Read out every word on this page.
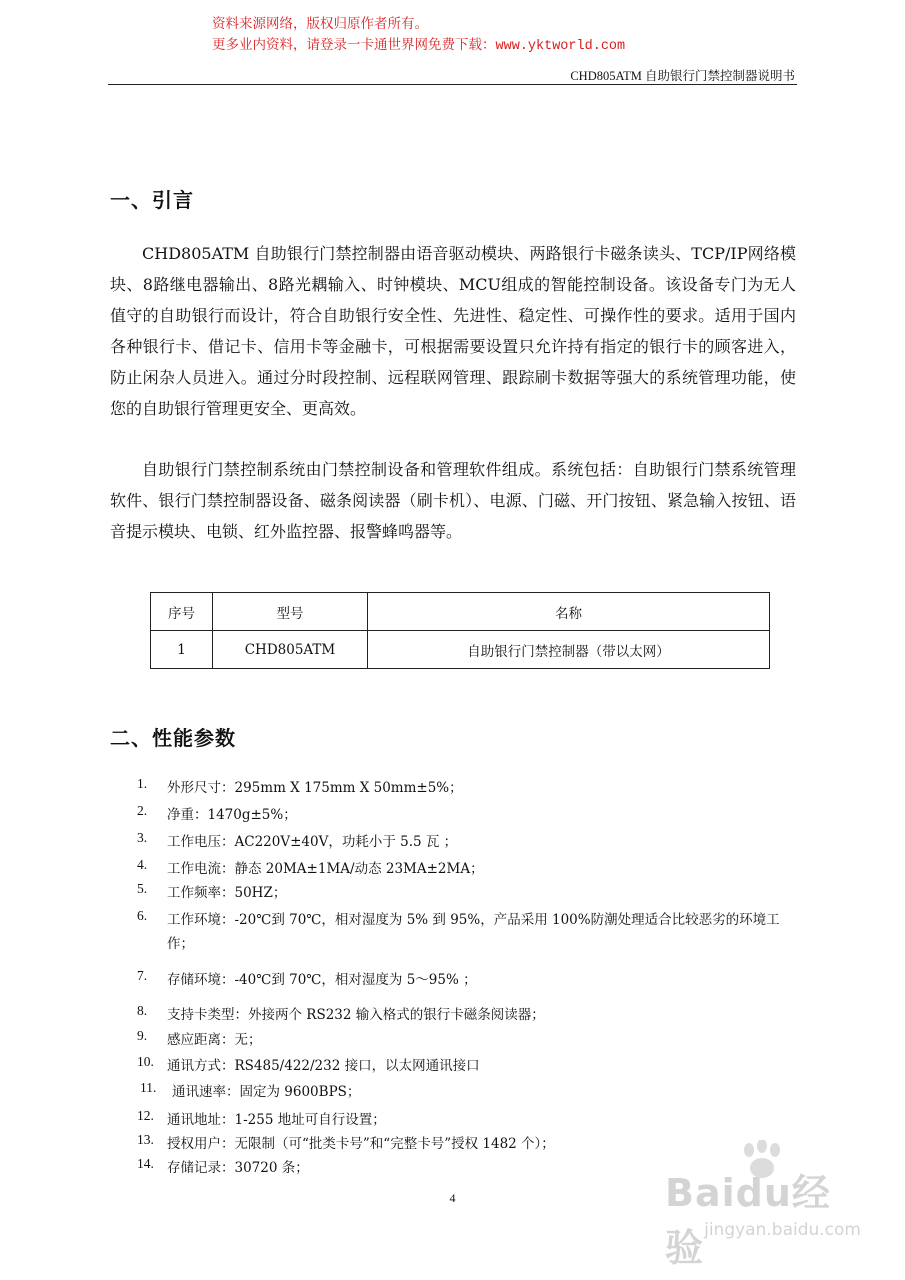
资料来源网络，版权归原作者所有。
更多业内资料，请登录一卡通世界网免费下载：www.yktworld.com
CHD805ATM 自助银行门禁控制器说明书
一、引言
CHD805ATM 自助银行门禁控制器由语音驱动模块、两路银行卡磁条读头、TCP/IP网络模块、8路继电器输出、8路光耦输入、时钟模块、MCU组成的智能控制设备。该设备专门为无人值守的自助银行而设计，符合自助银行安全性、先进性、稳定性、可操作性的要求。适用于国内各种银行卡、借记卡、信用卡等金融卡，可根据需要设置只允许持有指定的银行卡的顾客进入，防止闲杂人员进入。通过分时段控制、远程联网管理、跟踪刷卡数据等强大的系统管理功能，使您的自助银行管理更安全、更高效。
自助银行门禁控制系统由门禁控制设备和管理软件组成。系统包括：自助银行门禁系统管理软件、银行门禁控制器设备、磁条阅读器（刷卡机）、电源、门磁、开门按钮、紧急输入按钮、语音提示模块、电锁、红外监控器、报警蜂鸣器等。
序号	型号	名称
1	CHD805ATM	自助银行门禁控制器（带以太网）
二、性能参数
1.	外形尺寸：295mm X 175mm X 50mm±5%；
2.	净重：1470g±5%；
3.	工作电压：AC220V±40V，功耗小于 5.5 瓦 ；
4.	工作电流：静态 20MA±1MA/动态 23MA±2MA；
5.	工作频率：50HZ；
6.	工作环境：-20℃到 70℃，相对湿度为 5% 到 95%，产品采用 100%防潮处理适合比较恶劣的环境工作；
7.	存储环境：-40℃到 70℃，相对湿度为 5～95% ；
8.	支持卡类型：外接两个 RS232 输入格式的银行卡磁条阅读器；
9.	感应距离：无；
10. 通讯方式：RS485/422/232 接口，以太网通讯接口
11.	通讯速率：固定为 9600BPS；
12. 通讯地址：1-255 地址可自行设置；
13. 授权用户：无限制（可“批类卡号”和“完整卡号”授权 1482 个）；
14. 存储记录：30720 条；
4	Baidu经验 jingyan.baidu.com
